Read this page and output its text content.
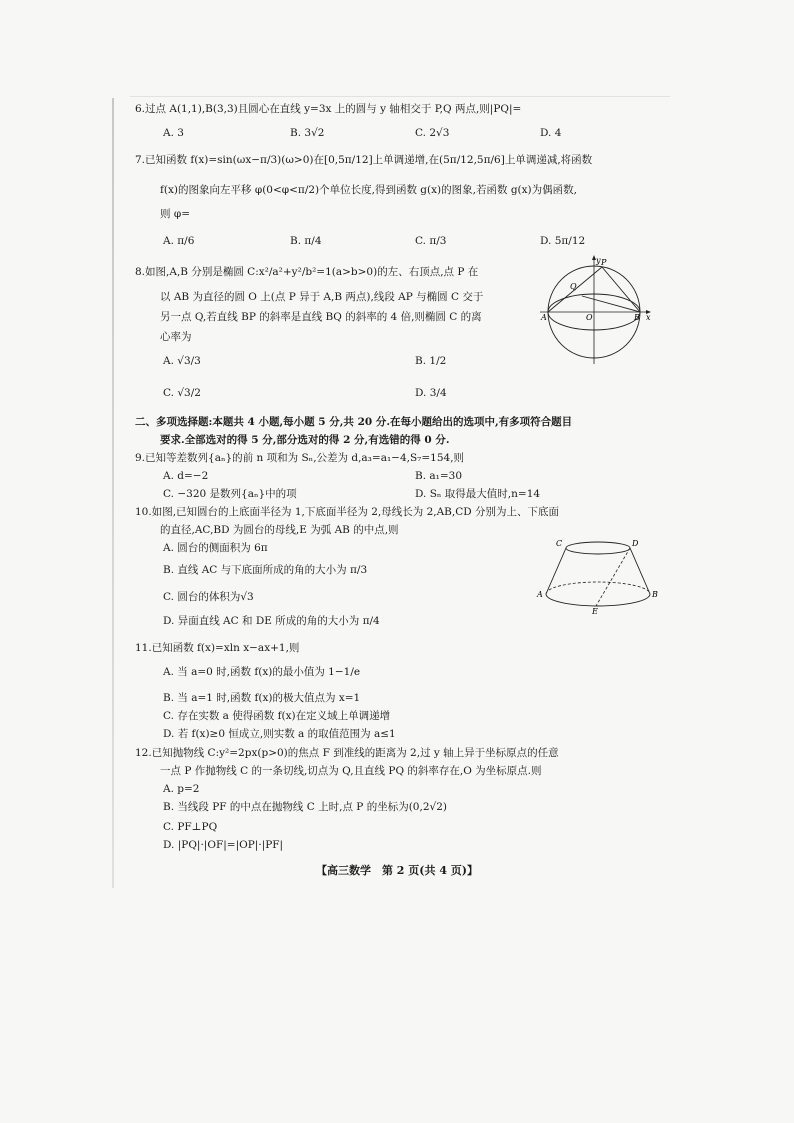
6.过点 A(1,1),B(3,3)且圆心在直线 y=3x 上的圆与 y 轴相交于 P,Q 两点,则|PQ|=
A. 3	B. 3√2	C. 2√3	D. 4
7.已知函数 f(x)=sin(ωx−π/3)(ω>0)在[0,5π/12]上单调递增,在(5π/12,5π/6]上单调递减,将函数
f(x)的图象向左平移 φ(0<φ<π/2)个单位长度,得到函数 g(x)的图象,若函数 g(x)为偶函数,
则 φ=
A. π/6	B. π/4	C. π/3	D. 5π/12
8.如图,A,B 分别是椭圆 C:x²/a²+y²/b²=1(a>b>0)的左、右顶点,点 P 在
以 AB 为直径的圆 O 上(点 P 异于 A,B 两点),线段 AP 与椭圆 C 交于
另一点 Q,若直线 BP 的斜率是直线 BQ 的斜率的 4 倍,则椭圆 C 的离
心率为
A. √3/3	B. 1/2
C. √3/2	D. 3/4
y P
Q
A	O	B x
二、多项选择题:本题共 4 小题,每小题 5 分,共 20 分.在每小题给出的选项中,有多项符合题目
要求.全部选对的得 5 分,部分选对的得 2 分,有选错的得 0 分.
9.已知等差数列{aₙ}的前 n 项和为 Sₙ,公差为 d,a₃=a₁−4,S₇=154,则
A. d=−2	B. a₁=30
C. −320 是数列{aₙ}中的项	D. Sₙ 取得最大值时,n=14
10.如图,已知圆台的上底面半径为 1,下底面半径为 2,母线长为 2,AB,CD 分别为上、下底面
的直径,AC,BD 为圆台的母线,E 为弧 AB 的中点,则
A. 圆台的侧面积为 6π
B. 直线 AC 与下底面所成的角的大小为 π/3
C. 圆台的体积为√3
D. 异面直线 AC 和 DE 所成的角的大小为 π/4
C	D
A	B
E
11.已知函数 f(x)=xln x−ax+1,则
A. 当 a=0 时,函数 f(x)的最小值为 1−1/e
B. 当 a=1 时,函数 f(x)的极大值点为 x=1
C. 存在实数 a 使得函数 f(x)在定义域上单调递增
D. 若 f(x)≥0 恒成立,则实数 a 的取值范围为 a≤1
12.已知抛物线 C:y²=2px(p>0)的焦点 F 到准线的距离为 2,过 y 轴上异于坐标原点的任意
一点 P 作抛物线 C 的一条切线,切点为 Q,且直线 PQ 的斜率存在,O 为坐标原点.则
A. p=2
B. 当线段 PF 的中点在抛物线 C 上时,点 P 的坐标为(0,2√2)
C. PF⊥PQ
D. |PQ|·|OF|=|OP|·|PF|
【高三数学　第 2 页(共 4 页)】
